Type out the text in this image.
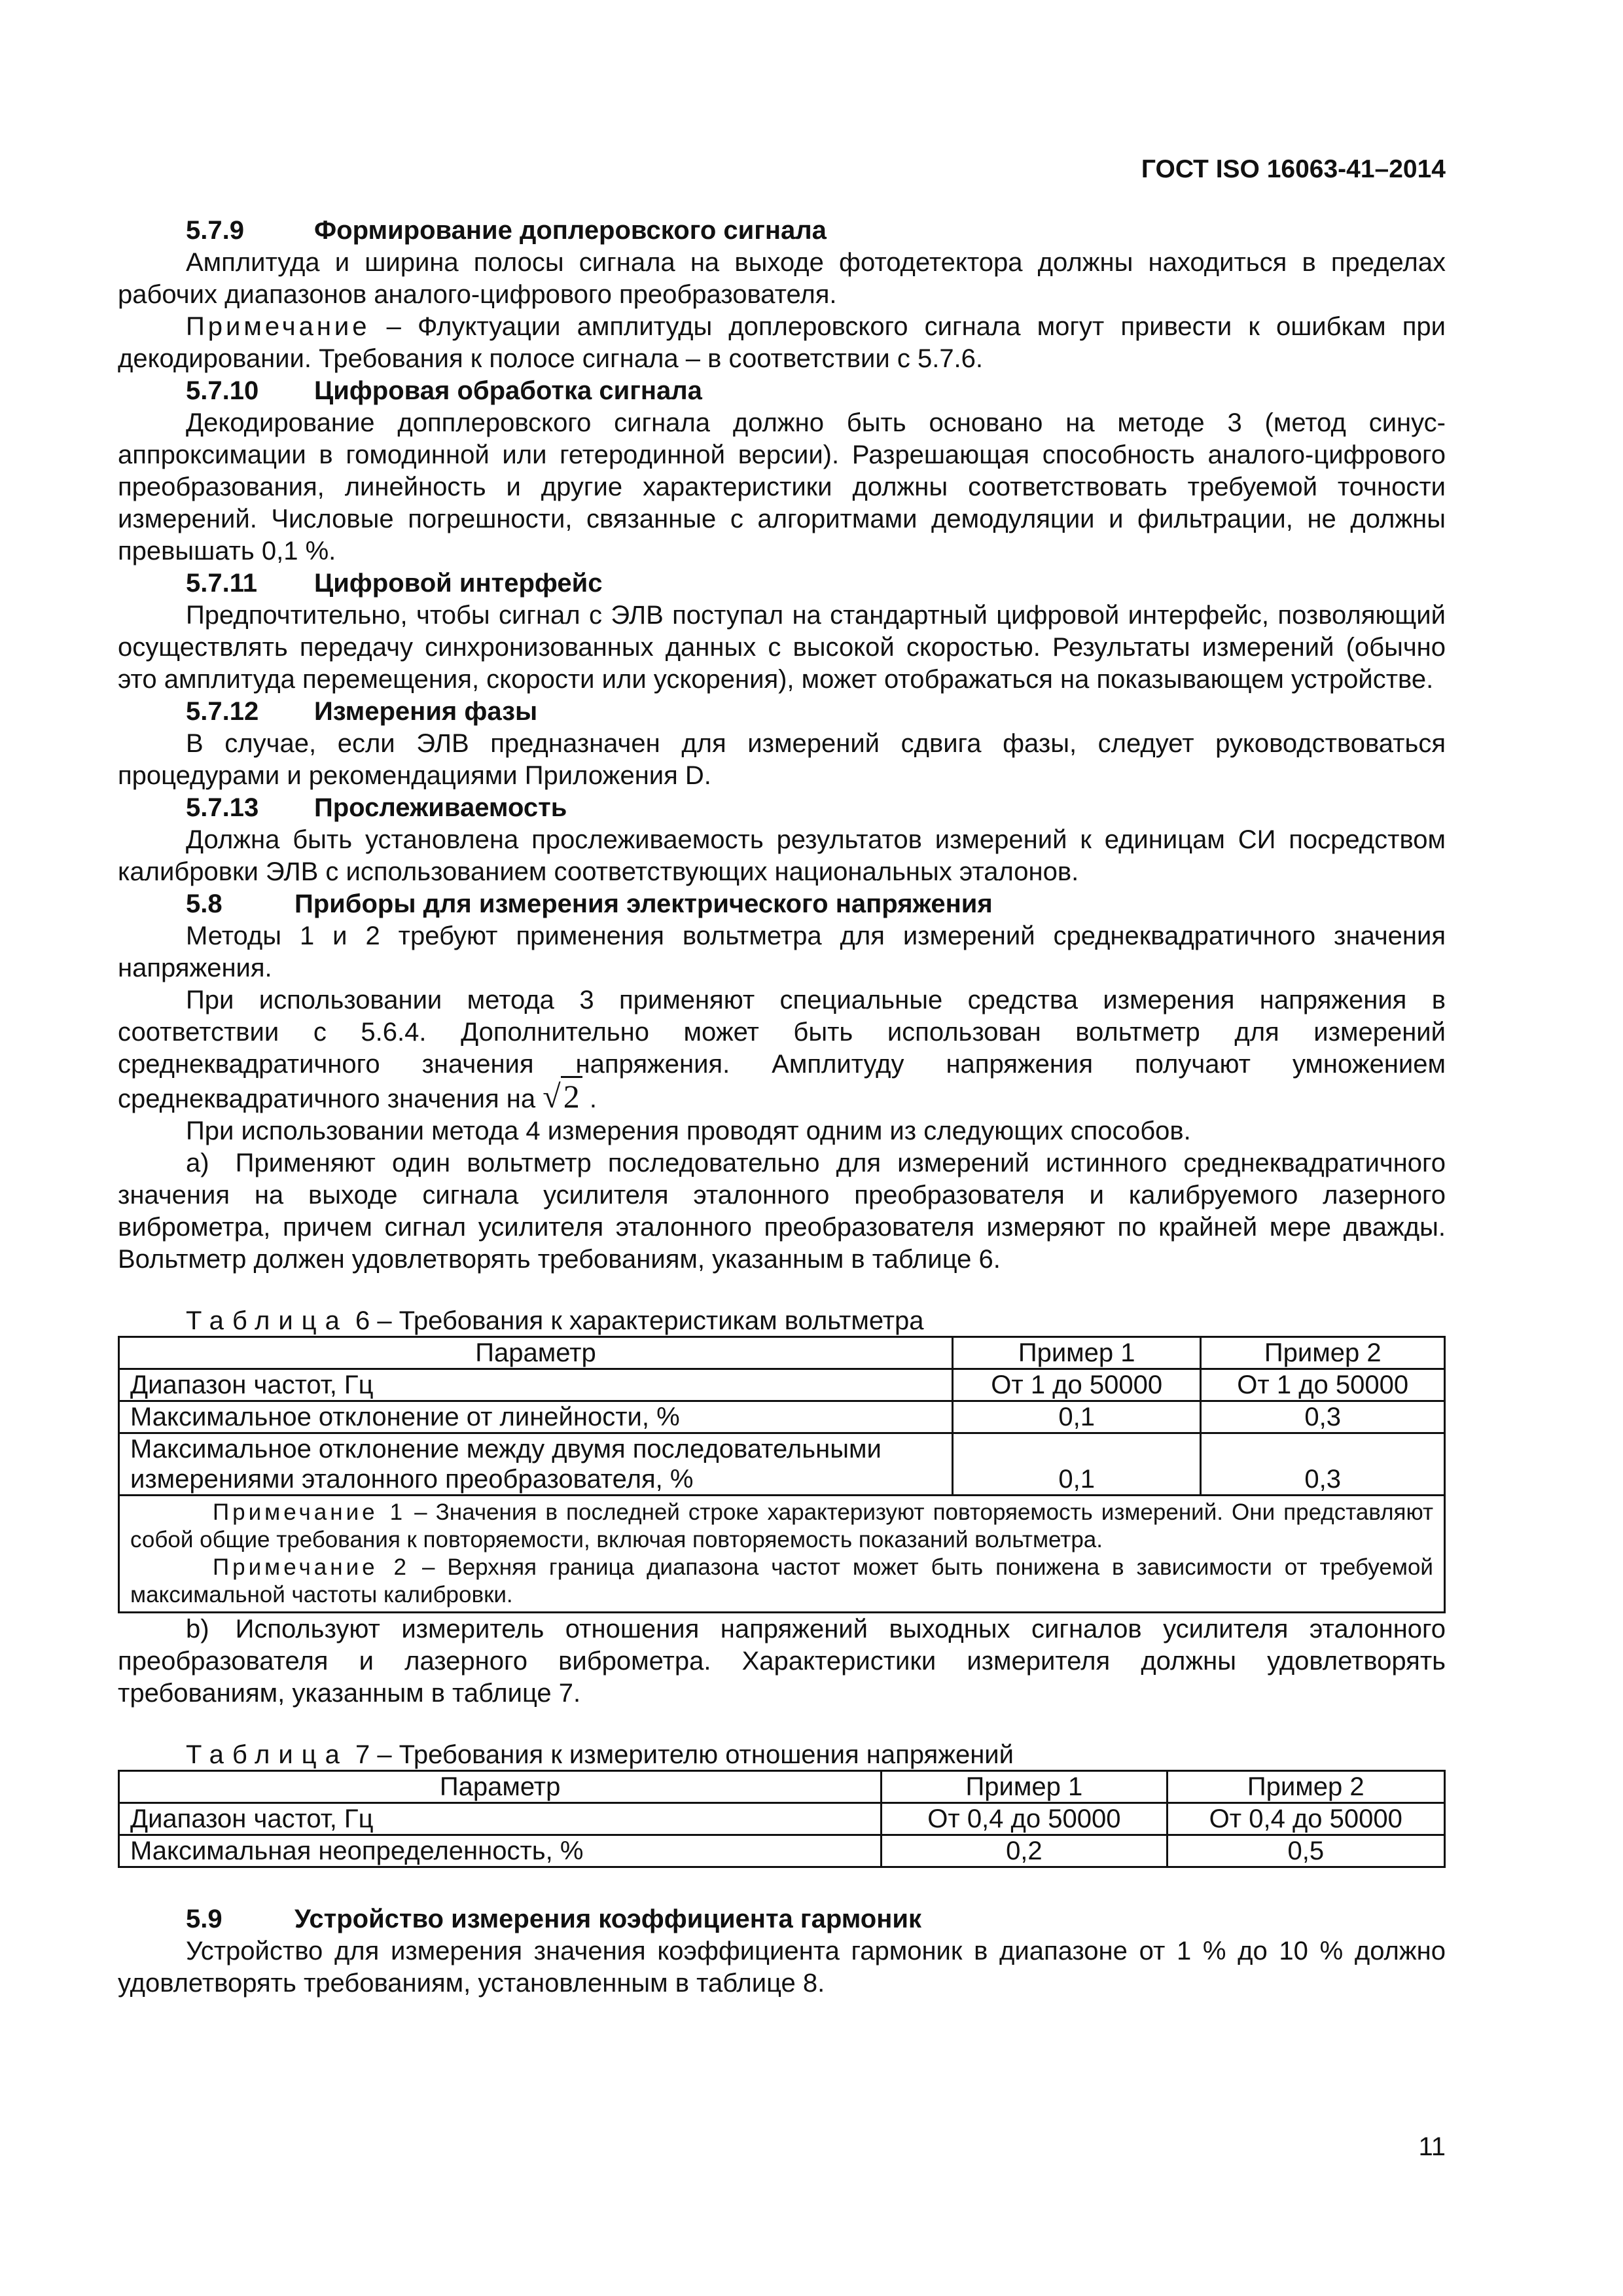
ГОСТ ISO 16063-41–2014
5.7.9	Формирование доплеровского сигнала

Амплитуда и ширина полосы сигнала на выходе фотодетектора должны находиться в пределах рабочих диапазонов аналого-цифрового преобразователя.

Примечание – Флуктуации амплитуды доплеровского сигнала могут привести к ошибкам при декодировании. Требования к полосе сигнала – в соответствии с 5.7.6.

5.7.10 Цифровая обработка сигнала

Декодирование допплеровского сигнала должно быть основано на методе 3 (метод синус-аппроксимации в гомодинной или гетеродинной версии). Разрешающая способность аналого-цифрового преобразования, линейность и другие характеристики должны соответствовать требуемой точности измерений. Числовые погрешности, связанные с алгоритмами демодуляции и фильтрации, не должны превышать 0,1 %.

5.7.11 Цифровой интерфейс

Предпочтительно, чтобы сигнал с ЭЛВ поступал на стандартный цифровой интерфейс, позволяющий осуществлять передачу синхронизованных данных с высокой скоростью. Результаты измерений (обычно это амплитуда перемещения, скорости или ускорения), может отображаться на показывающем устройстве.

5.7.12 Измерения фазы

В случае, если ЭЛВ предназначен для измерений сдвига фазы, следует руководствоваться процедурами и рекомендациями Приложения D.

5.7.13 Прослеживаемость

Должна быть установлена прослеживаемость результатов измерений к единицам СИ посредством калибровки ЭЛВ с использованием соответствующих национальных эталонов.

5.8	Приборы для измерения электрического напряжения

Методы 1 и 2 требуют применения вольтметра для измерений среднеквадратичного значения напряжения.

При использовании метода 3 применяют специальные средства измерения напряжения в соответствии с 5.6.4. Дополнительно может быть использован вольтметр для измерений среднеквадратичного значения напряжения. Амплитуду напряжения получают умножением среднеквадратичного значения на √2 .

При использовании метода 4 измерения проводят одним из следующих способов.

a) Применяют один вольтметр последовательно для измерений истинного среднеквадратичного значения на выходе сигнала усилителя эталонного преобразователя и калибруемого лазерного виброметра, причем сигнал усилителя эталонного преобразователя измеряют по крайней мере дважды. Вольтметр должен удовлетворять требованиям, указанным в таблице 6.

Таблица 6 – Требования к характеристикам вольтметра
Параметр	Пример 1	Пример 2
Диапазон частот, Гц	От 1 до 50000	От 1 до 50000
Максимальное отклонение от линейности, %	0,1	0,3
Максимальное отклонение между двумя последовательными измерениями эталонного преобразователя, %	0,1	0,3

Примечание 1 – Значения в последней строке характеризуют повторяемость измерений. Они представляют собой общие требования к повторяемости, включая повторяемость показаний вольтметра.

Примечание 2 – Верхняя граница диапазона частот может быть понижена в зависимости от требуемой максимальной частоты калибровки.		

b) Используют измеритель отношения напряжений выходных сигналов усилителя эталонного преобразователя и лазерного виброметра. Характеристики измерителя должны удовлетворять требованиям, указанным в таблице 7.

Таблица 7 – Требования к измерителю отношения напряжений
Параметр	Пример 1	Пример 2
Диапазон частот, Гц	От 0,4 до 50000	От 0,4 до 50000
Максимальная неопределенность, %	0,2	0,5
5.9	Устройство измерения коэффициента гармоник

Устройство для измерения значения коэффициента гармоник в диапазоне от 1 % до 10 % должно удовлетворять требованиям, установленным в таблице 8.

11
